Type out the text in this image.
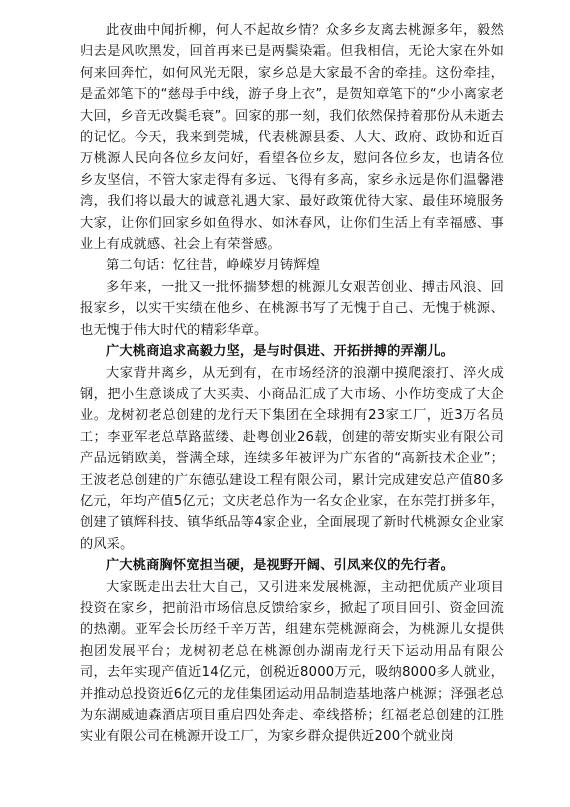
此夜曲中闻折柳，何人不起故乡情？众多乡友离去桃源多年，毅然归去是风吹黑发，回首再来已是两鬓染霜。但我相信，无论大家在外如何来回奔忙，如何风光无限，家乡总是大家最不舍的牵挂。这份牵挂，是孟郊笔下的“慈母手中线，游子身上衣”，是贺知章笔下的“少小离家老大回，乡音无改鬓毛衰”。回家的那一刻，我们依然保持着那份从未逝去的记忆。今天，我来到莞城，代表桃源县委、人大、政府、政协和近百万桃源人民向各位乡友问好，看望各位乡友，慰问各位乡友，也请各位乡友坚信，不管大家走得有多远、飞得有多高，家乡永远是你们温馨港湾，我们将以最大的诚意礼遇大家、最好政策优待大家、最佳环境服务大家，让你们回家乡如鱼得水、如沐春风，让你们生活上有幸福感、事业上有成就感、社会上有荣誉感。

第二句话：忆往昔，峥嵘岁月铸辉煌

多年来，一批又一批怀揣梦想的桃源儿女艰苦创业、搏击风浪、回报家乡，以实干实绩在他乡、在桃源书写了无愧于自己、无愧于桃源、也无愧于伟大时代的精彩华章。

广大桃商追求高毅力坚，是与时俱进、开拓拼搏的弄潮儿。

大家背井离乡，从无到有，在市场经济的浪潮中摸爬滚打、淬火成钢，把小生意谈成了大买卖、小商品汇成了大市场、小作坊变成了大企业。龙树初老总创建的龙行天下集团在全球拥有23家工厂，近3万名员工；李亚军老总草路蓝缕、赴粤创业26载，创建的蒂安斯实业有限公司产品远销欧美，誉满全球，连续多年被评为广东省的“高新技术企业”；王波老总创建的广东德弘建设工程有限公司，累计完成建安总产值80多亿元，年均产值5亿元；文庆老总作为一名女企业家，在东莞打拼多年，创建了镇辉科技、镇华纸品等4家企业，全面展现了新时代桃源女企业家的风采。

广大桃商胸怀宽担当硬，是视野开阔、引凤来仪的先行者。

大家既走出去壮大自己，又引进来发展桃源，主动把优质产业项目投资在家乡，把前沿市场信息反馈给家乡，掀起了项目回引、资金回流的热潮。亚军会长历经千辛万苦，组建东莞桃源商会，为桃源儿女提供抱团发展平台；龙树初老总在桃源创办湖南龙行天下运动用品有限公司，去年实现产值近14亿元，创税近8000万元，吸纳8000多人就业，并推动总投资近6亿元的龙佳集团运动用品制造基地落户桃源；泽强老总为东湖威迪森酒店项目重启四处奔走、牵线搭桥；红福老总创建的江胜实业有限公司在桃源开设工厂，为家乡群众提供近200个就业岗
